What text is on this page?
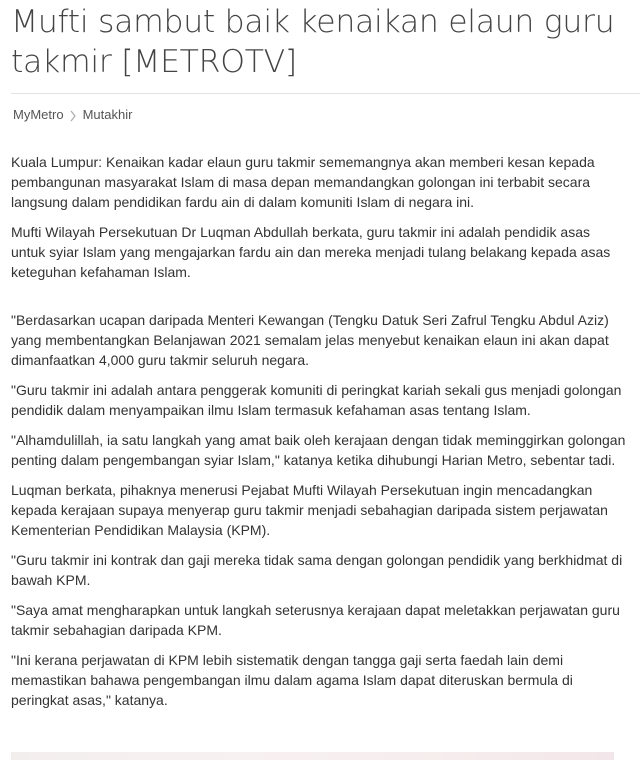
Mufti sambut baik kenaikan elaun guru takmir [METROTV]
MyMetro Mutakhir

Kuala Lumpur: Kenaikan kadar elaun guru takmir sememangnya akan memberi kesan kepada pembangunan masyarakat Islam di masa depan memandangkan golongan ini terbabit secara langsung dalam pendidikan fardu ain di dalam komuniti Islam di negara ini.

Mufti Wilayah Persekutuan Dr Luqman Abdullah berkata, guru takmir ini adalah pendidik asas untuk syiar Islam yang mengajarkan fardu ain dan mereka menjadi tulang belakang kepada asas keteguhan kefahaman Islam.

"Berdasarkan ucapan daripada Menteri Kewangan (Tengku Datuk Seri Zafrul Tengku Abdul Aziz) yang membentangkan Belanjawan 2021 semalam jelas menyebut kenaikan elaun ini akan dapat dimanfaatkan 4,000 guru takmir seluruh negara.

"Guru takmir ini adalah antara penggerak komuniti di peringkat kariah sekali gus menjadi golongan pendidik dalam menyampaikan ilmu Islam termasuk kefahaman asas tentang Islam.

"Alhamdulillah, ia satu langkah yang amat baik oleh kerajaan dengan tidak meminggirkan golongan penting dalam pengembangan syiar Islam," katanya ketika dihubungi Harian Metro, sebentar tadi.

Luqman berkata, pihaknya menerusi Pejabat Mufti Wilayah Persekutuan ingin mencadangkan kepada kerajaan supaya menyerap guru takmir menjadi sebahagian daripada sistem perjawatan Kementerian Pendidikan Malaysia (KPM).

"Guru takmir ini kontrak dan gaji mereka tidak sama dengan golongan pendidik yang berkhidmat di bawah KPM.

"Saya amat mengharapkan untuk langkah seterusnya kerajaan dapat meletakkan perjawatan guru takmir sebahagian daripada KPM.

"Ini kerana perjawatan di KPM lebih sistematik dengan tangga gaji serta faedah lain demi memastikan bahawa pengembangan ilmu dalam agama Islam dapat diteruskan bermula di peringkat asas," katanya.
